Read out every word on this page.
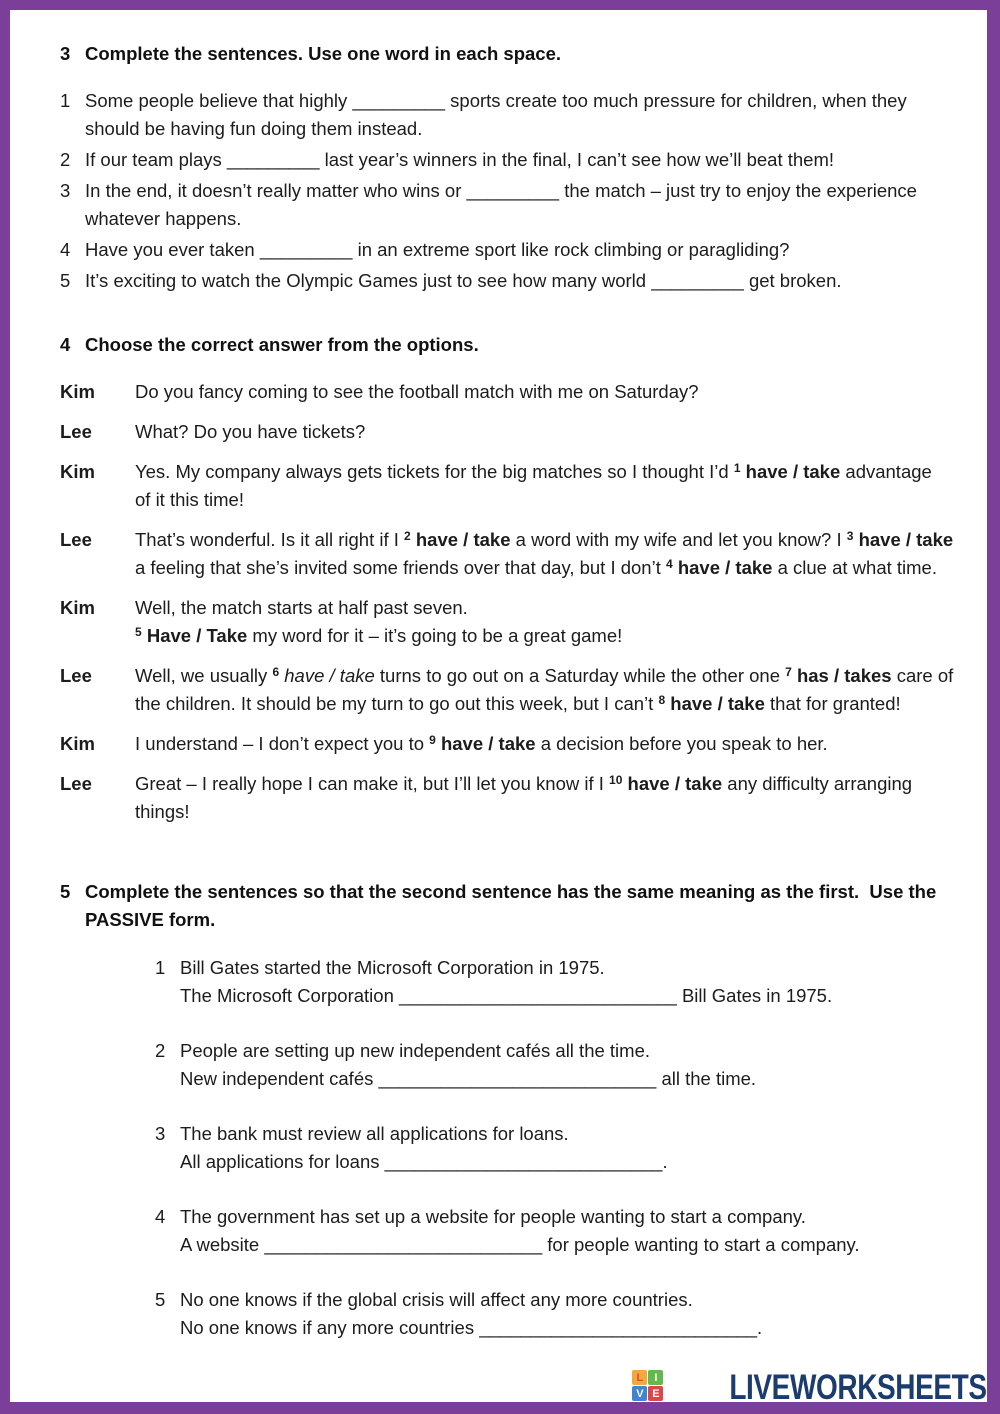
3 Complete the sentences. Use one word in each space.
1 Some people believe that highly _________ sports create too much pressure for children, when they
should be having fun doing them instead.
2 If our team plays _________ last year’s winners in the final, I can’t see how we’ll beat them!
3 In the end, it doesn’t really matter who wins or _________ the match – just try to enjoy the experience
whatever happens.
4 Have you ever taken _________ in an extreme sport like rock climbing or paragliding?
5 It’s exciting to watch the Olympic Games just to see how many world _________ get broken.
4 Choose the correct answer from the options.
Kim	Do you fancy coming to see the football match with me on Saturday?
Lee	What? Do you have tickets?
Kim	Yes. My company always gets tickets for the big matches so I thought I’d $^1$ have / take advantage
of it this time!
Lee	That’s wonderful. Is it all right if I $^2$ have / take a word with my wife and let you know? I $^3$ have / take
a feeling that she’s invited some friends over that day, but I don’t $^4$ have / take a clue at what time.
Kim	Well, the match starts at half past seven.
$^5$ Have / Take my word for it – it’s going to be a great game!
Lee	Well, we usually $^6$ have / take turns to go out on a Saturday while the other one $^7$ has / takes care of
the children. It should be my turn to go out this week, but I can’t $^8$ have / take that for granted!
Kim	I understand – I don’t expect you to $^9$ have / take a decision before you speak to her.
Lee	Great – I really hope I can make it, but I’ll let you know if I $^{10}$ have / take any difficulty arranging
things!
5 Complete the sentences so that the second sentence has the same meaning as the first.  Use the
PASSIVE form.
1 Bill Gates started the Microsoft Corporation in 1975.
The Microsoft Corporation ___________________________ Bill Gates in 1975.
2 People are setting up new independent cafés all the time.
New independent cafés ___________________________ all the time.
3 The bank must review all applications for loans.
All applications for loans ___________________________.
4 The government has set up a website for people wanting to start a company.
A website ___________________________ for people wanting to start a company.
5 No one knows if the global crisis will affect any more countries.
No one knows if any more countries ___________________________.
L	I
V E LIVEWORKSHEETS
